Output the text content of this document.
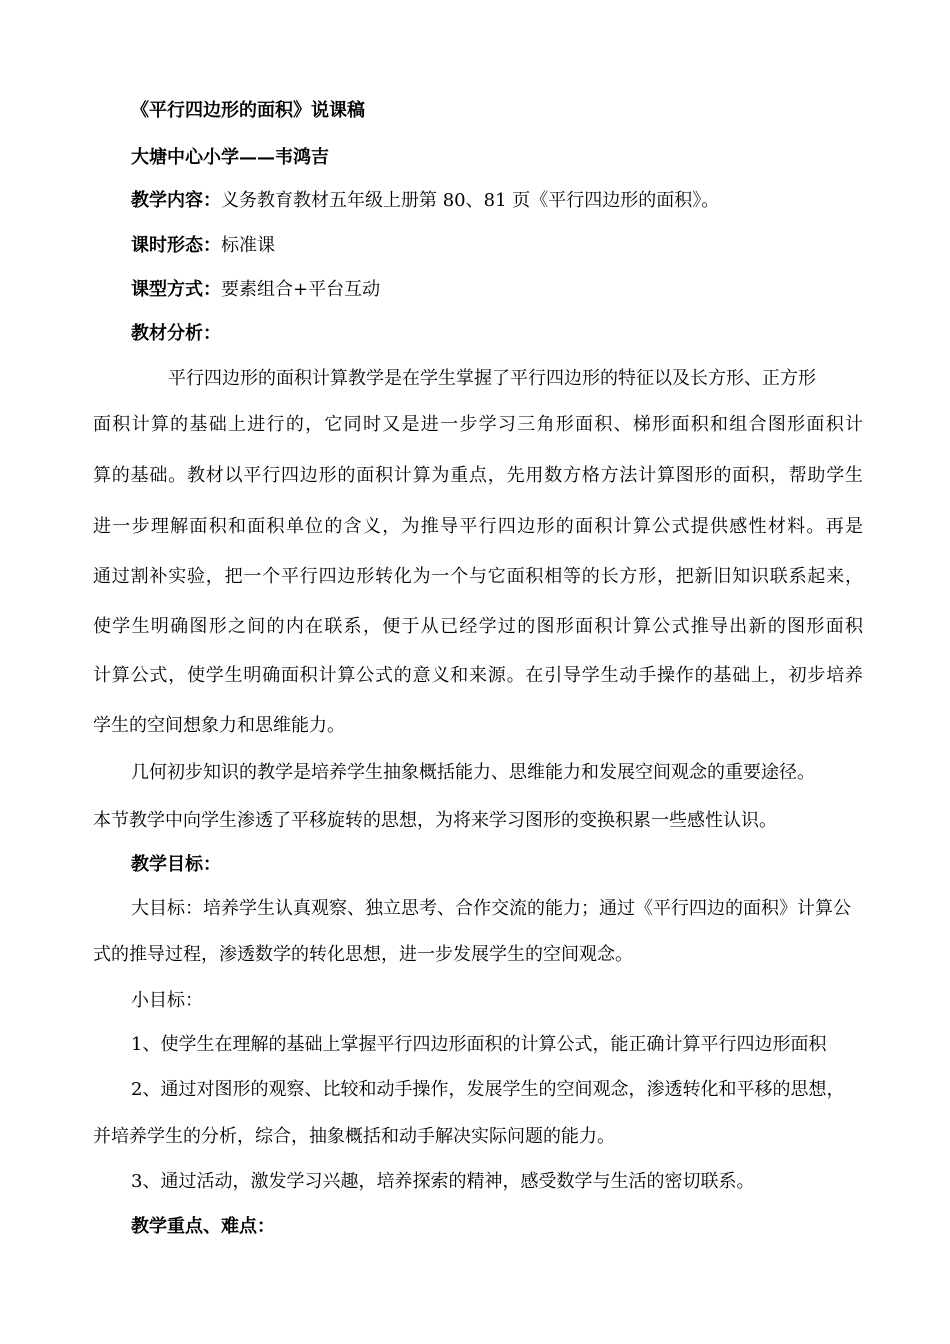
《平行四边形的面积》说课稿
大塘中心小学——韦鸿吉
教学内容：义务教育教材五年级上册第 80、81 页《平行四边形的面积》。
课时形态：标准课
课型方式：要素组合+平台互动
教材分析：
平行四边形的面积计算教学是在学生掌握了平行四边形的特征以及长方形、正方形
面积计算的基础上进行的，它同时又是进一步学习三角形面积、梯形面积和组合图形面积计
算的基础。教材以平行四边形的面积计算为重点，先用数方格方法计算图形的面积，帮助学生
进一步理解面积和面积单位的含义，为推导平行四边形的面积计算公式提供感性材料。再是
通过割补实验，把一个平行四边形转化为一个与它面积相等的长方形，把新旧知识联系起来，
使学生明确图形之间的内在联系，便于从已经学过的图形面积计算公式推导出新的图形面积
计算公式，使学生明确面积计算公式的意义和来源。在引导学生动手操作的基础上，初步培养
学生的空间想象力和思维能力。
几何初步知识的教学是培养学生抽象概括能力、思维能力和发展空间观念的重要途径。
本节教学中向学生渗透了平移旋转的思想，为将来学习图形的变换积累一些感性认识。
教学目标：
大目标：培养学生认真观察、独立思考、合作交流的能力；通过《平行四边的面积》计算公
式的推导过程，渗透数学的转化思想，进一步发展学生的空间观念。
小目标：
1、使学生在理解的基础上掌握平行四边形面积的计算公式，能正确计算平行四边形面积
2、通过对图形的观察、比较和动手操作，发展学生的空间观念，渗透转化和平移的思想，
并培养学生的分析，综合，抽象概括和动手解决实际问题的能力。
3、通过活动，激发学习兴趣，培养探索的精神，感受数学与生活的密切联系。
教学重点、难点：
